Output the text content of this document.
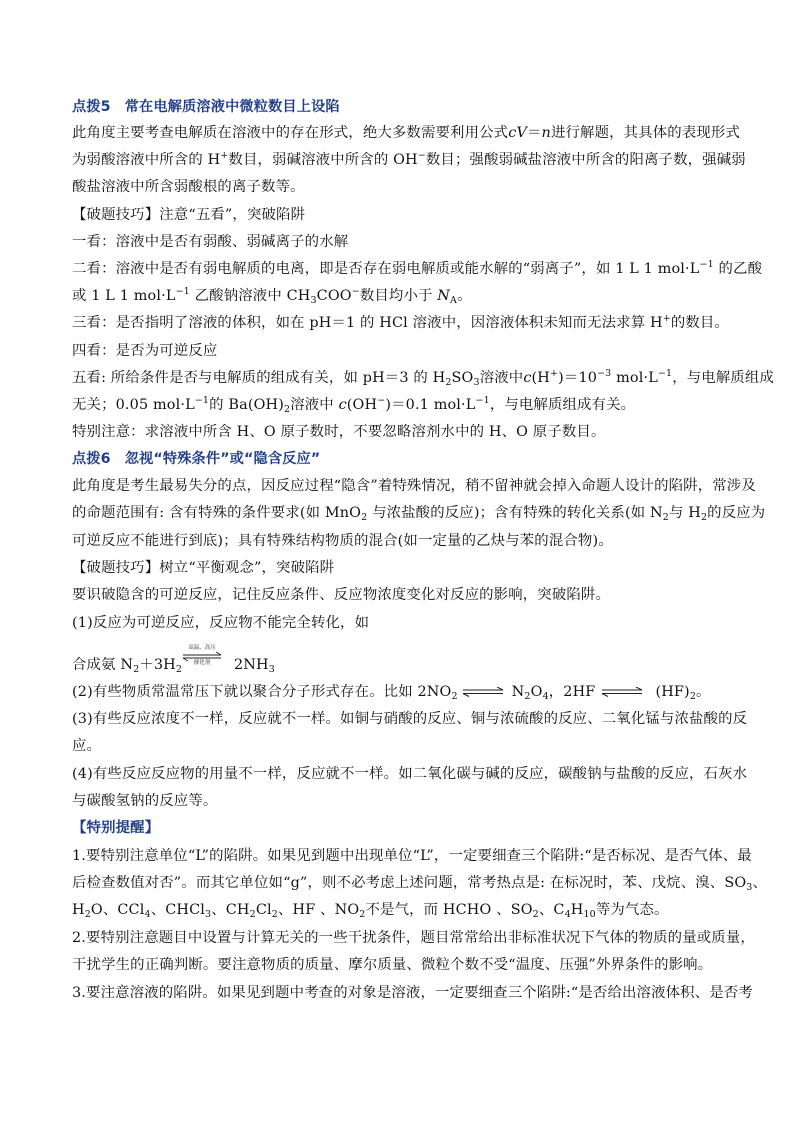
点拨5 常在电解质溶液中微粒数目上设陷
此角度主要考查电解质在溶液中的存在形式，绝大多数需要利用公式cV＝n进行解题，其具体的表现形式
为弱酸溶液中所含的 H+数目，弱碱溶液中所含的 OH−数目；强酸弱碱盐溶液中所含的阳离子数，强碱弱
酸盐溶液中所含弱酸根的离子数等。
【破题技巧】注意“五看”，突破陷阱
一看：溶液中是否有弱酸、弱碱离子的水解
二看：溶液中是否有弱电解质的电离，即是否存在弱电解质或能水解的“弱离子”，如 1 L 1 $mol\cdot L^{-1}$ 的乙酸
或 1 L 1 $mol\cdot L^{-1}$ 乙酸钠溶液中 $CH_3COO^-$数目均小于 $N_A$。
三看：是否指明了溶液的体积，如在 pH＝1 的 HCl 溶液中，因溶液体积未知而无法求算 H+的数目。
四看：是否为可逆反应
五看: 所给条件是否与电解质的组成有关，如 pH＝3 的 $H_2SO_3$溶液中$c(H^+)=10^{-3}$ $mol\cdot L^{-1}$，与电解质组成
无关；0.05 $mol\cdot L^{-1}$的 $Ba(OH)_2$溶液中 c(OH−)＝0.1 $mol\cdot L^{-1}$，与电解质组成有关。
特别注意：求溶液中所含 H、O 原子数时，不要忽略溶剂水中的 H、O 原子数目。
点拨6 忽视“特殊条件”或“隐含反应”
此角度是考生最易失分的点，因反应过程“隐含”着特殊情况，稍不留神就会掉入命题人设计的陷阱，常涉及
的命题范围有: 含有特殊的条件要求(如 MnO$_2$ 与浓盐酸的反应)；含有特殊的转化关系(如 $N_2$与 $H_2$的反应为
可逆反应不能进行到底)；具有特殊结构物质的混合(如一定量的乙炔与苯的混合物)。
【破题技巧】树立“平衡观念”，突破陷阱
要识破隐含的可逆反应，记住反应条件、反应物浓度变化对反应的影响，突破陷阱。
(1)反应为可逆反应，反应物不能完全转化，如
合成氨 $N_2+3H_2$
高温、高压
催化剂	$2NH_3$
(2)有些物质常温常压下就以聚合分子形式存在。比如 $2NO_2$ ⇌ $N_2O_4$，2HF ⇌ $(HF)_2$。
(3)有些反应浓度不一样，反应就不一样。如铜与硝酸的反应、铜与浓硫酸的反应、二氧化锰与浓盐酸的反
应。
(4)有些反应反应物的用量不一样，反应就不一样。如二氧化碳与碱的反应，碳酸钠与盐酸的反应，石灰水
与碳酸氢钠的反应等。
【特别提醒】
1.要特别注意单位“L”的陷阱。如果见到题中出现单位“L”，一定要细查三个陷阱:“是否标况、是否气体、最
后检查数值对否”。而其它单位如“g”，则不必考虑上述问题，常考热点是: 在标况时，苯、戊烷、溴、$SO_3$、
$H_2O$、CCl$_4$、CHCl$_3$、$CH_2Cl_2$、HF 、$NO_2$不是气，而 HCHO 、$SO_2$、$C_4H_{10}$等为气态。
2.要特别注意题目中设置与计算无关的一些干扰条件，题目常常给出非标准状况下气体的物质的量或质量，
干扰学生的正确判断。要注意物质的质量、摩尔质量、微粒个数不受“温度、压强”外界条件的影响。
3.要注意溶液的陷阱。如果见到题中考查的对象是溶液，一定要细查三个陷阱:“是否给出溶液体积、是否考
